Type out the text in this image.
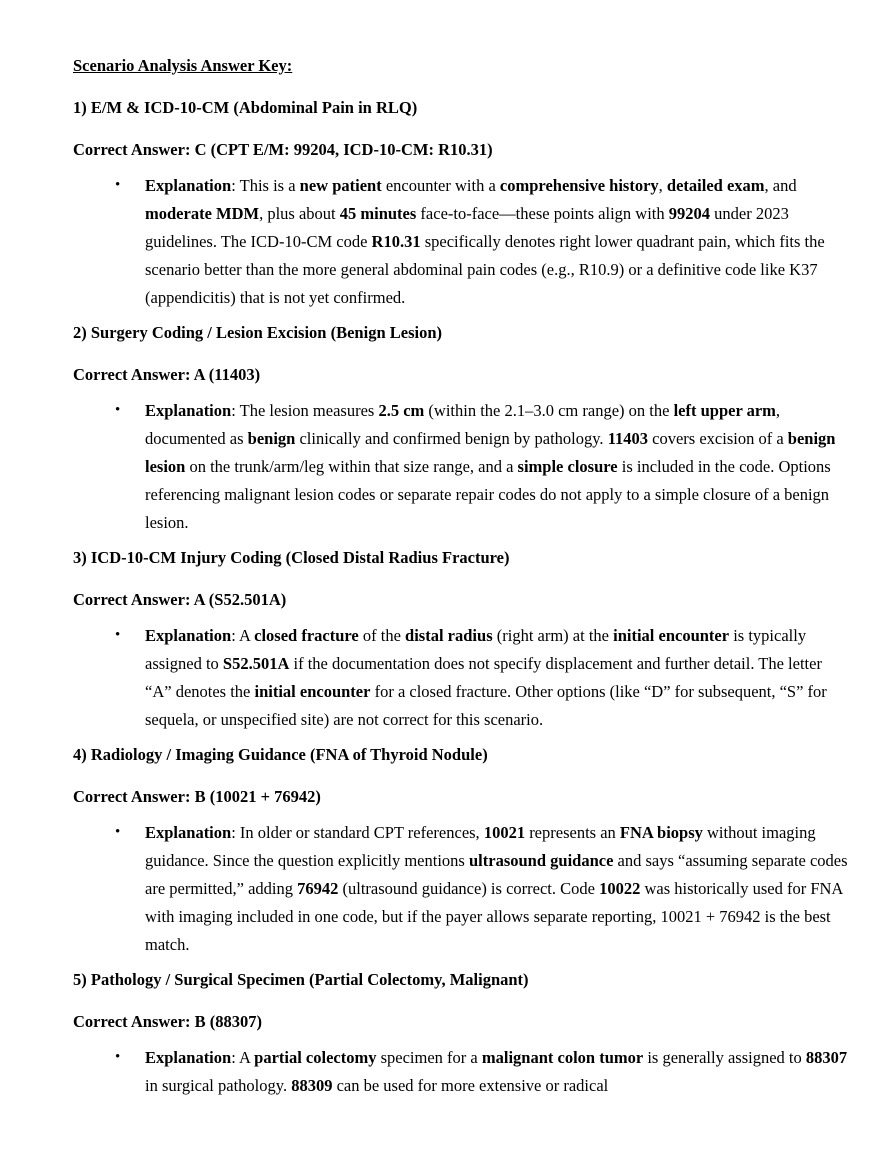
Scenario Analysis Answer Key:

1) E/M & ICD-10-CM (Abdominal Pain in RLQ)

Correct Answer: C (CPT E/M: 99204, ICD-10-CM: R10.31)

• Explanation: This is a new patient encounter with a comprehensive history, detailed exam, and moderate MDM, plus about 45 minutes face-to-face—these points align with 99204 under 2023 guidelines. The ICD-10-CM code R10.31 specifically denotes right lower quadrant pain, which fits the scenario better than the more general abdominal pain codes (e.g., R10.9) or a definitive code like K37 (appendicitis) that is not yet confirmed.

2) Surgery Coding / Lesion Excision (Benign Lesion)

Correct Answer: A (11403)

• Explanation: The lesion measures 2.5 cm (within the 2.1–3.0 cm range) on the left upper arm, documented as benign clinically and confirmed benign by pathology. 11403 covers excision of a benign lesion on the trunk/arm/leg within that size range, and a simple closure is included in the code. Options referencing malignant lesion codes or separate repair codes do not apply to a simple closure of a benign lesion.

3) ICD-10-CM Injury Coding (Closed Distal Radius Fracture)

Correct Answer: A (S52.501A)

• Explanation: A closed fracture of the distal radius (right arm) at the initial encounter is typically assigned to S52.501A if the documentation does not specify displacement and further detail. The letter “A” denotes the initial encounter for a closed fracture. Other options (like “D” for subsequent, “S” for sequela, or unspecified site) are not correct for this scenario.

4) Radiology / Imaging Guidance (FNA of Thyroid Nodule)

Correct Answer: B (10021 + 76942)

• Explanation: In older or standard CPT references, 10021 represents an FNA biopsy without imaging guidance. Since the question explicitly mentions ultrasound guidance and says “assuming separate codes are permitted,” adding 76942 (ultrasound guidance) is correct. Code 10022 was historically used for FNA with imaging included in one code, but if the payer allows separate reporting, 10021 + 76942 is the best match.

5) Pathology / Surgical Specimen (Partial Colectomy, Malignant)

Correct Answer: B (88307)

• Explanation: A partial colectomy specimen for a malignant colon tumor is generally assigned to 88307 in surgical pathology. 88309 can be used for more extensive or radical
